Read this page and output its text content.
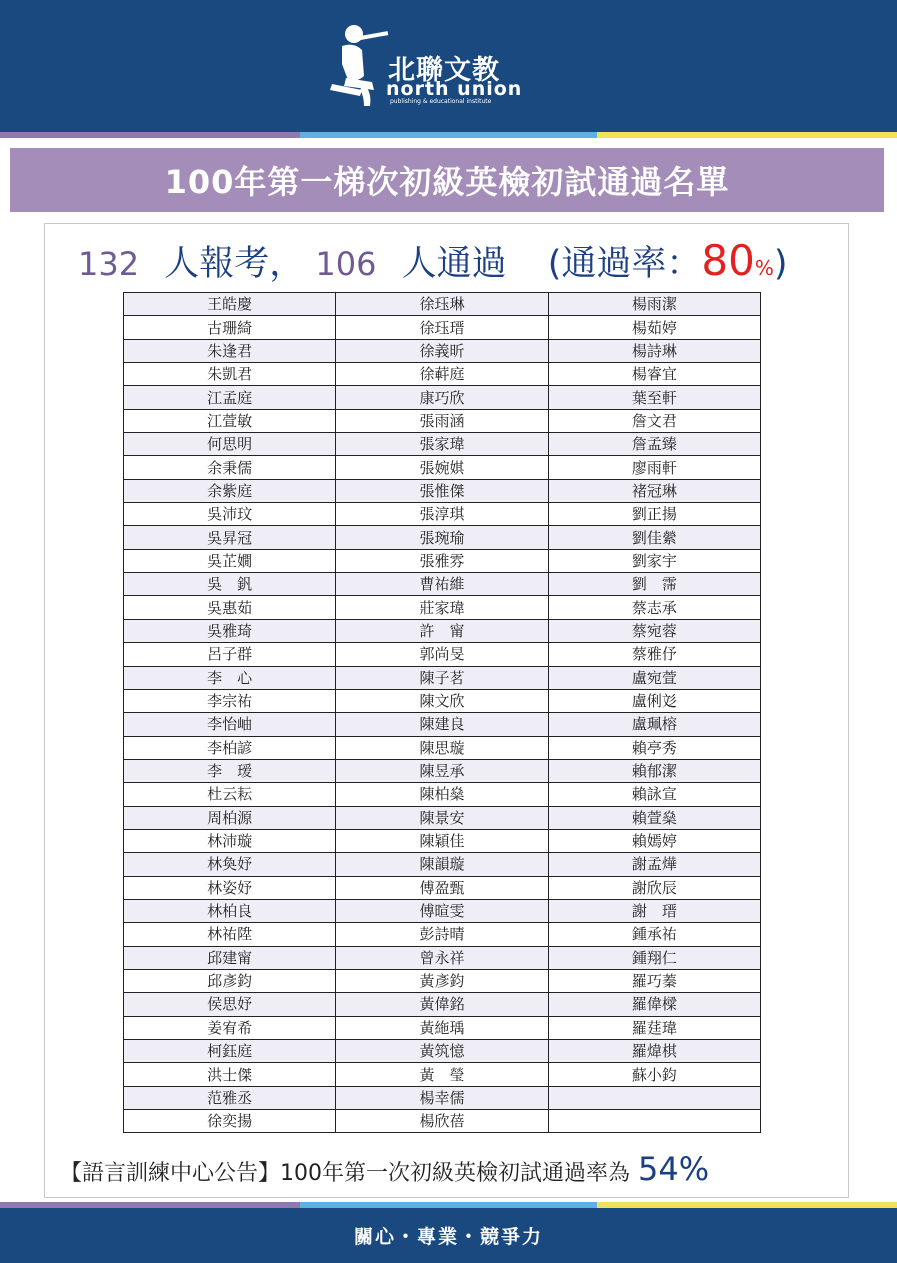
北聯文教
north union
publishing & educational institute
100年第一梯次初級英檢初試通過名單
132 人報考， 106 人通過 (通過率：80%)
王皓慶	徐珏琳	楊雨潔
古珊綺	徐珏瑨	楊茹婷
朱逢君	徐義昕	楊詩琳
朱凱君	徐蓒庭	楊睿宜
江孟庭	康巧欣	葉至軒
江萱敏	張雨涵	詹文君
何思明	張家瑋	詹孟臻
余秉儒	張婉娸	廖雨軒
余紫庭	張惟傑	褚冠琳
吳沛玟	張淳琪	劉正揚
吳昇冠	張琬瑜	劉佳縈
吳芷嫺	張雅雰	劉家宇
吳　釩	曹祐維	劉　霈
吳惠茹	莊家瑋	蔡志承
吳雅琦	許　甯	蔡宛蓉
呂子群	郭尚旻	蔡雅伃
李　心	陳子茗	盧宛萱
李宗祐	陳文欣	盧俐彣
李怡岫	陳建良	盧珮榕
李柏諺	陳思璇	賴亭秀
李　瑷	陳昱承	賴郁潔
杜云耘	陳柏燊	賴詠宣
周柏源	陳景安	賴萱燊
林沛璇	陳穎佳	賴嫣婷
林奐妤	陳韻璇	謝孟燁
林姿妤	傅盈甄	謝欣辰
林柏良	傅暄雯	謝　瑨
林祐陞	彭詩晴	鍾承祐
邱建甯	曾永祥	鍾翔仁
邱彥鈞	黃彥鈞	羅巧蓁
侯思妤	黃偉銘	羅偉樑
姜宥希	黃絁瑀	羅莛瑋
柯鈺庭	黃筑憶	羅煒棋
洪士傑	黃　瑩	蘇小鈞
范雅丞	楊幸儒	
徐奕揚	楊欣蓓	
【語言訓練中心公告】100年第一次初級英檢初試通過率為 54%
關心・專業・競爭力
